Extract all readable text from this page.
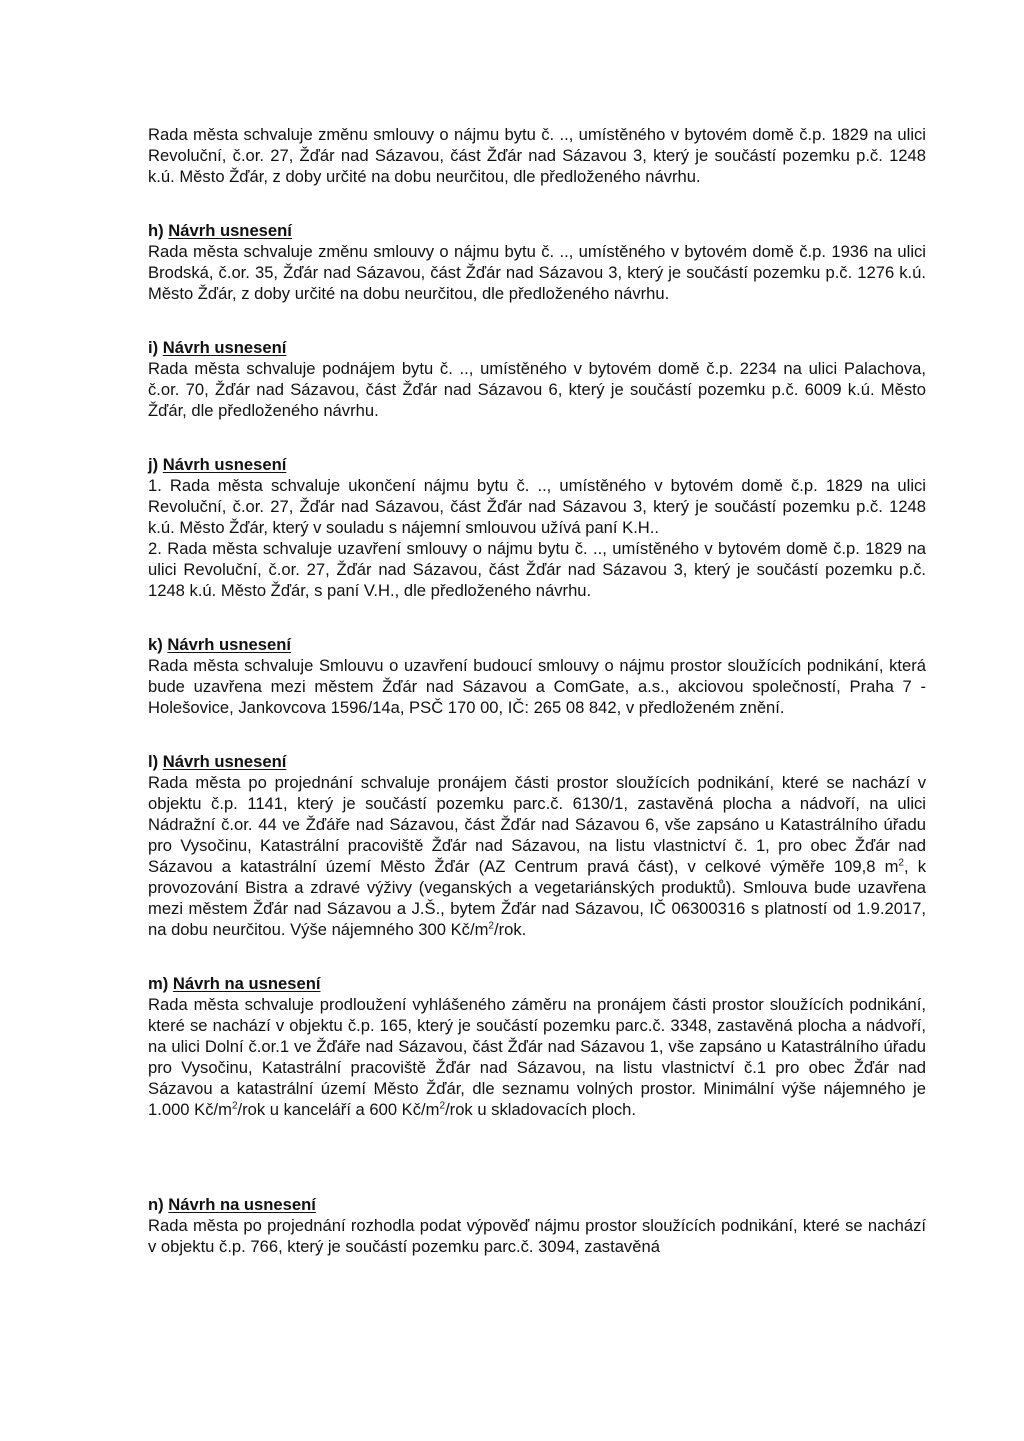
Rada města schvaluje změnu smlouvy o nájmu bytu č. .., umístěného v bytovém domě č.p. 1829 na ulici Revoluční, č.or. 27, Žďár nad Sázavou, část Žďár nad Sázavou 3, který je součástí pozemku p.č. 1248 k.ú. Město Žďár, z doby určité na dobu neurčitou, dle předloženého návrhu.

h) Návrh usnesení

Rada města schvaluje změnu smlouvy o nájmu bytu č. .., umístěného v bytovém domě č.p. 1936 na ulici Brodská, č.or. 35, Žďár nad Sázavou, část Žďár nad Sázavou 3, který je součástí pozemku p.č. 1276 k.ú. Město Žďár, z doby určité na dobu neurčitou, dle předloženého návrhu.

i) Návrh usnesení

Rada města schvaluje podnájem bytu č. .., umístěného v bytovém domě č.p. 2234 na ulici Palachova, č.or. 70, Žďár nad Sázavou, část Žďár nad Sázavou 6, který je součástí pozemku p.č. 6009 k.ú. Město Žďár, dle předloženého návrhu.

j) Návrh usnesení

1. Rada města schvaluje ukončení nájmu bytu č. .., umístěného v bytovém domě č.p. 1829 na ulici Revoluční, č.or. 27, Žďár nad Sázavou, část Žďár nad Sázavou 3, který je součástí pozemku p.č. 1248 k.ú. Město Žďár, který v souladu s nájemní smlouvou užívá paní K.H..

2. Rada města schvaluje uzavření smlouvy o nájmu bytu č. .., umístěného v bytovém domě č.p. 1829 na ulici Revoluční, č.or. 27, Žďár nad Sázavou, část Žďár nad Sázavou 3, který je součástí pozemku p.č. 1248 k.ú. Město Žďár, s paní V.H., dle předloženého návrhu.

k) Návrh usnesení

Rada města schvaluje Smlouvu o uzavření budoucí smlouvy o nájmu prostor sloužících podnikání, která bude uzavřena mezi městem Žďár nad Sázavou a ComGate, a.s., akciovou společností, Praha 7 - Holešovice, Jankovcova 1596/14a, PSČ 170 00, IČ: 265 08 842, v předloženém znění.

l) Návrh usnesení

Rada města po projednání schvaluje pronájem části prostor sloužících podnikání, které se nachází v objektu č.p. 1141, který je součástí pozemku parc.č. 6130/1, zastavěná plocha a nádvoří, na ulici Nádražní č.or. 44 ve Žďáře nad Sázavou, část Žďár nad Sázavou 6, vše zapsáno u Katastrálního úřadu pro Vysočinu, Katastrální pracoviště Žďár nad Sázavou, na listu vlastnictví č. 1, pro obec Žďár nad Sázavou a katastrální území Město Žďár (AZ Centrum pravá část), v celkové výměře 109,8 $m^2$, k provozování Bistra a zdravé výživy (veganských a vegetariánských produktů). Smlouva bude uzavřena mezi městem Žďár nad Sázavou a J.Š., bytem Žďár nad Sázavou, IČ 06300316 s platností od 1.9.2017, na dobu neurčitou. Výše nájemného 300 $Kč/m^2$/rok.

m) Návrh na usnesení

Rada města schvaluje prodloužení vyhlášeného záměru na pronájem části prostor sloužících podnikání, které se nachází v objektu č.p. 165, který je součástí pozemku parc.č. 3348, zastavěná plocha a nádvoří, na ulici Dolní č.or.1 ve Žďáře nad Sázavou, část Žďár nad Sázavou 1, vše zapsáno u Katastrálního úřadu pro Vysočinu, Katastrální pracoviště Žďár nad Sázavou, na listu vlastnictví č.1 pro obec Žďár nad Sázavou a katastrální území Město Žďár, dle seznamu volných prostor. Minimální výše nájemného je 1.000 $Kč/m^2$/rok u kanceláří a 600 $Kč/m^2$/rok u skladovacích ploch.

n) Návrh na usnesení

Rada města po projednání rozhodla podat výpověď nájmu prostor sloužících podnikání, které se nachází v objektu č.p. 766, který je součástí pozemku parc.č. 3094, zastavěná
